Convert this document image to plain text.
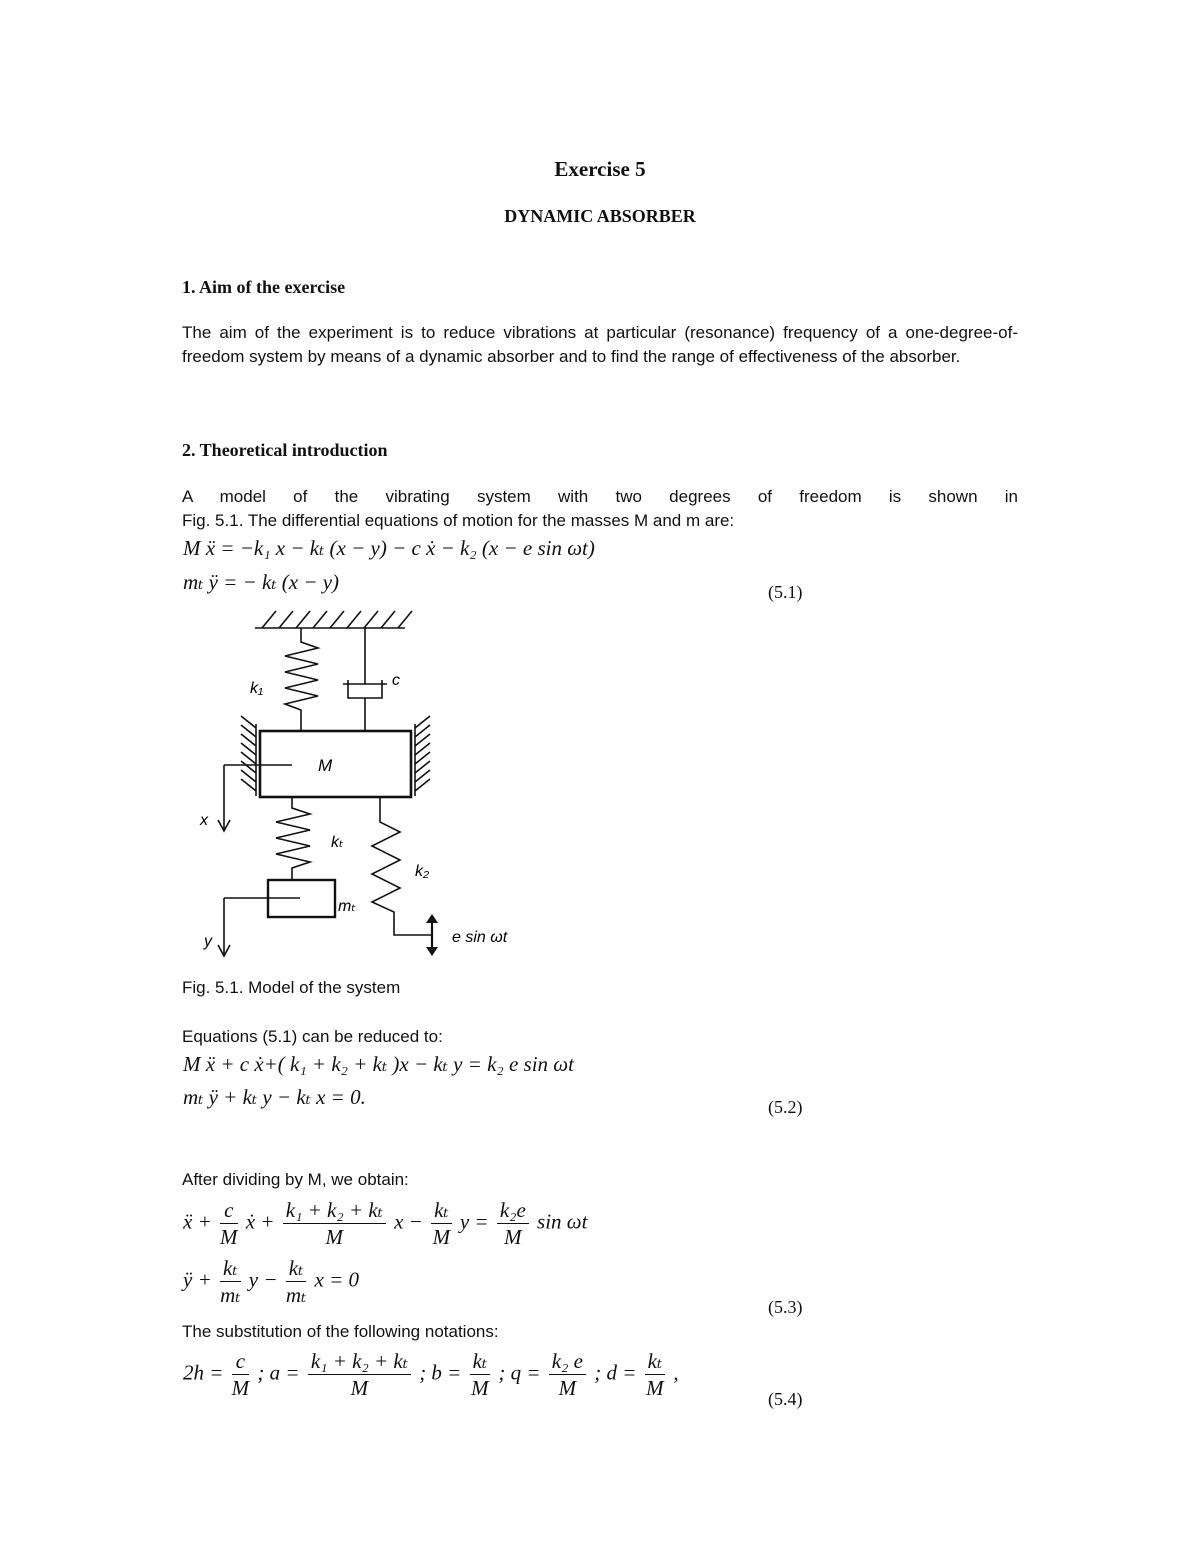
Exercise 5
DYNAMIC ABSORBER
1. Aim of the exercise
The aim of the experiment is to reduce vibrations at particular (resonance) frequency of a one-degree-of-freedom system by means of a dynamic absorber and to find the range of effectiveness of the absorber.
2. Theoretical introduction
A model of the vibrating system with two degrees of freedom is shown in
Fig. 5.1. The differential equations of motion for the masses M and m are:
M ẍ = −k₁ x − kₜ (x − y) − c ẋ − k₂ (x − e sin ωt)
mₜ ÿ = − kₜ (x − y)	(5.1)
k₁	c
M
x
kₜ
k₂
mₜ
y	e sin ωt
Fig. 5.1. Model of the system
Equations (5.1) can be reduced to:
M ẍ + c ẋ+( k₁ + k₂ + kₜ )x − kₜ y = k₂ e sin ωt
mₜ ÿ + kₜ y − kₜ x = 0.	(5.2)
After dividing by M, we obtain:
ẍ + $\frac{c}{M}$ ẋ + $\frac{\text{k₁ + k₂ + kₜ}}{M}$ $x - \frac{\text{kₜ}}{M}$ $y = \frac{\text{k₂e}}{M}$ sin ωt
ÿ + $\frac{\text{kₜ}}{\text{mₜ}}$ $y - \frac{\text{kₜ}}{\text{mₜ}}$ x = 0
(5.3)
The substitution of the following notations:
$2h = \frac{c}{M}$ ; $a = \frac{\text{k₁ + k₂ + kₜ}}{M}$ ; $b = \frac{\text{kₜ}}{M}$ ; $q = \frac{\text{k₂ e}}{M}$ ; $d = \frac{\text{kₜ}}{M}$ ,
(5.4)
